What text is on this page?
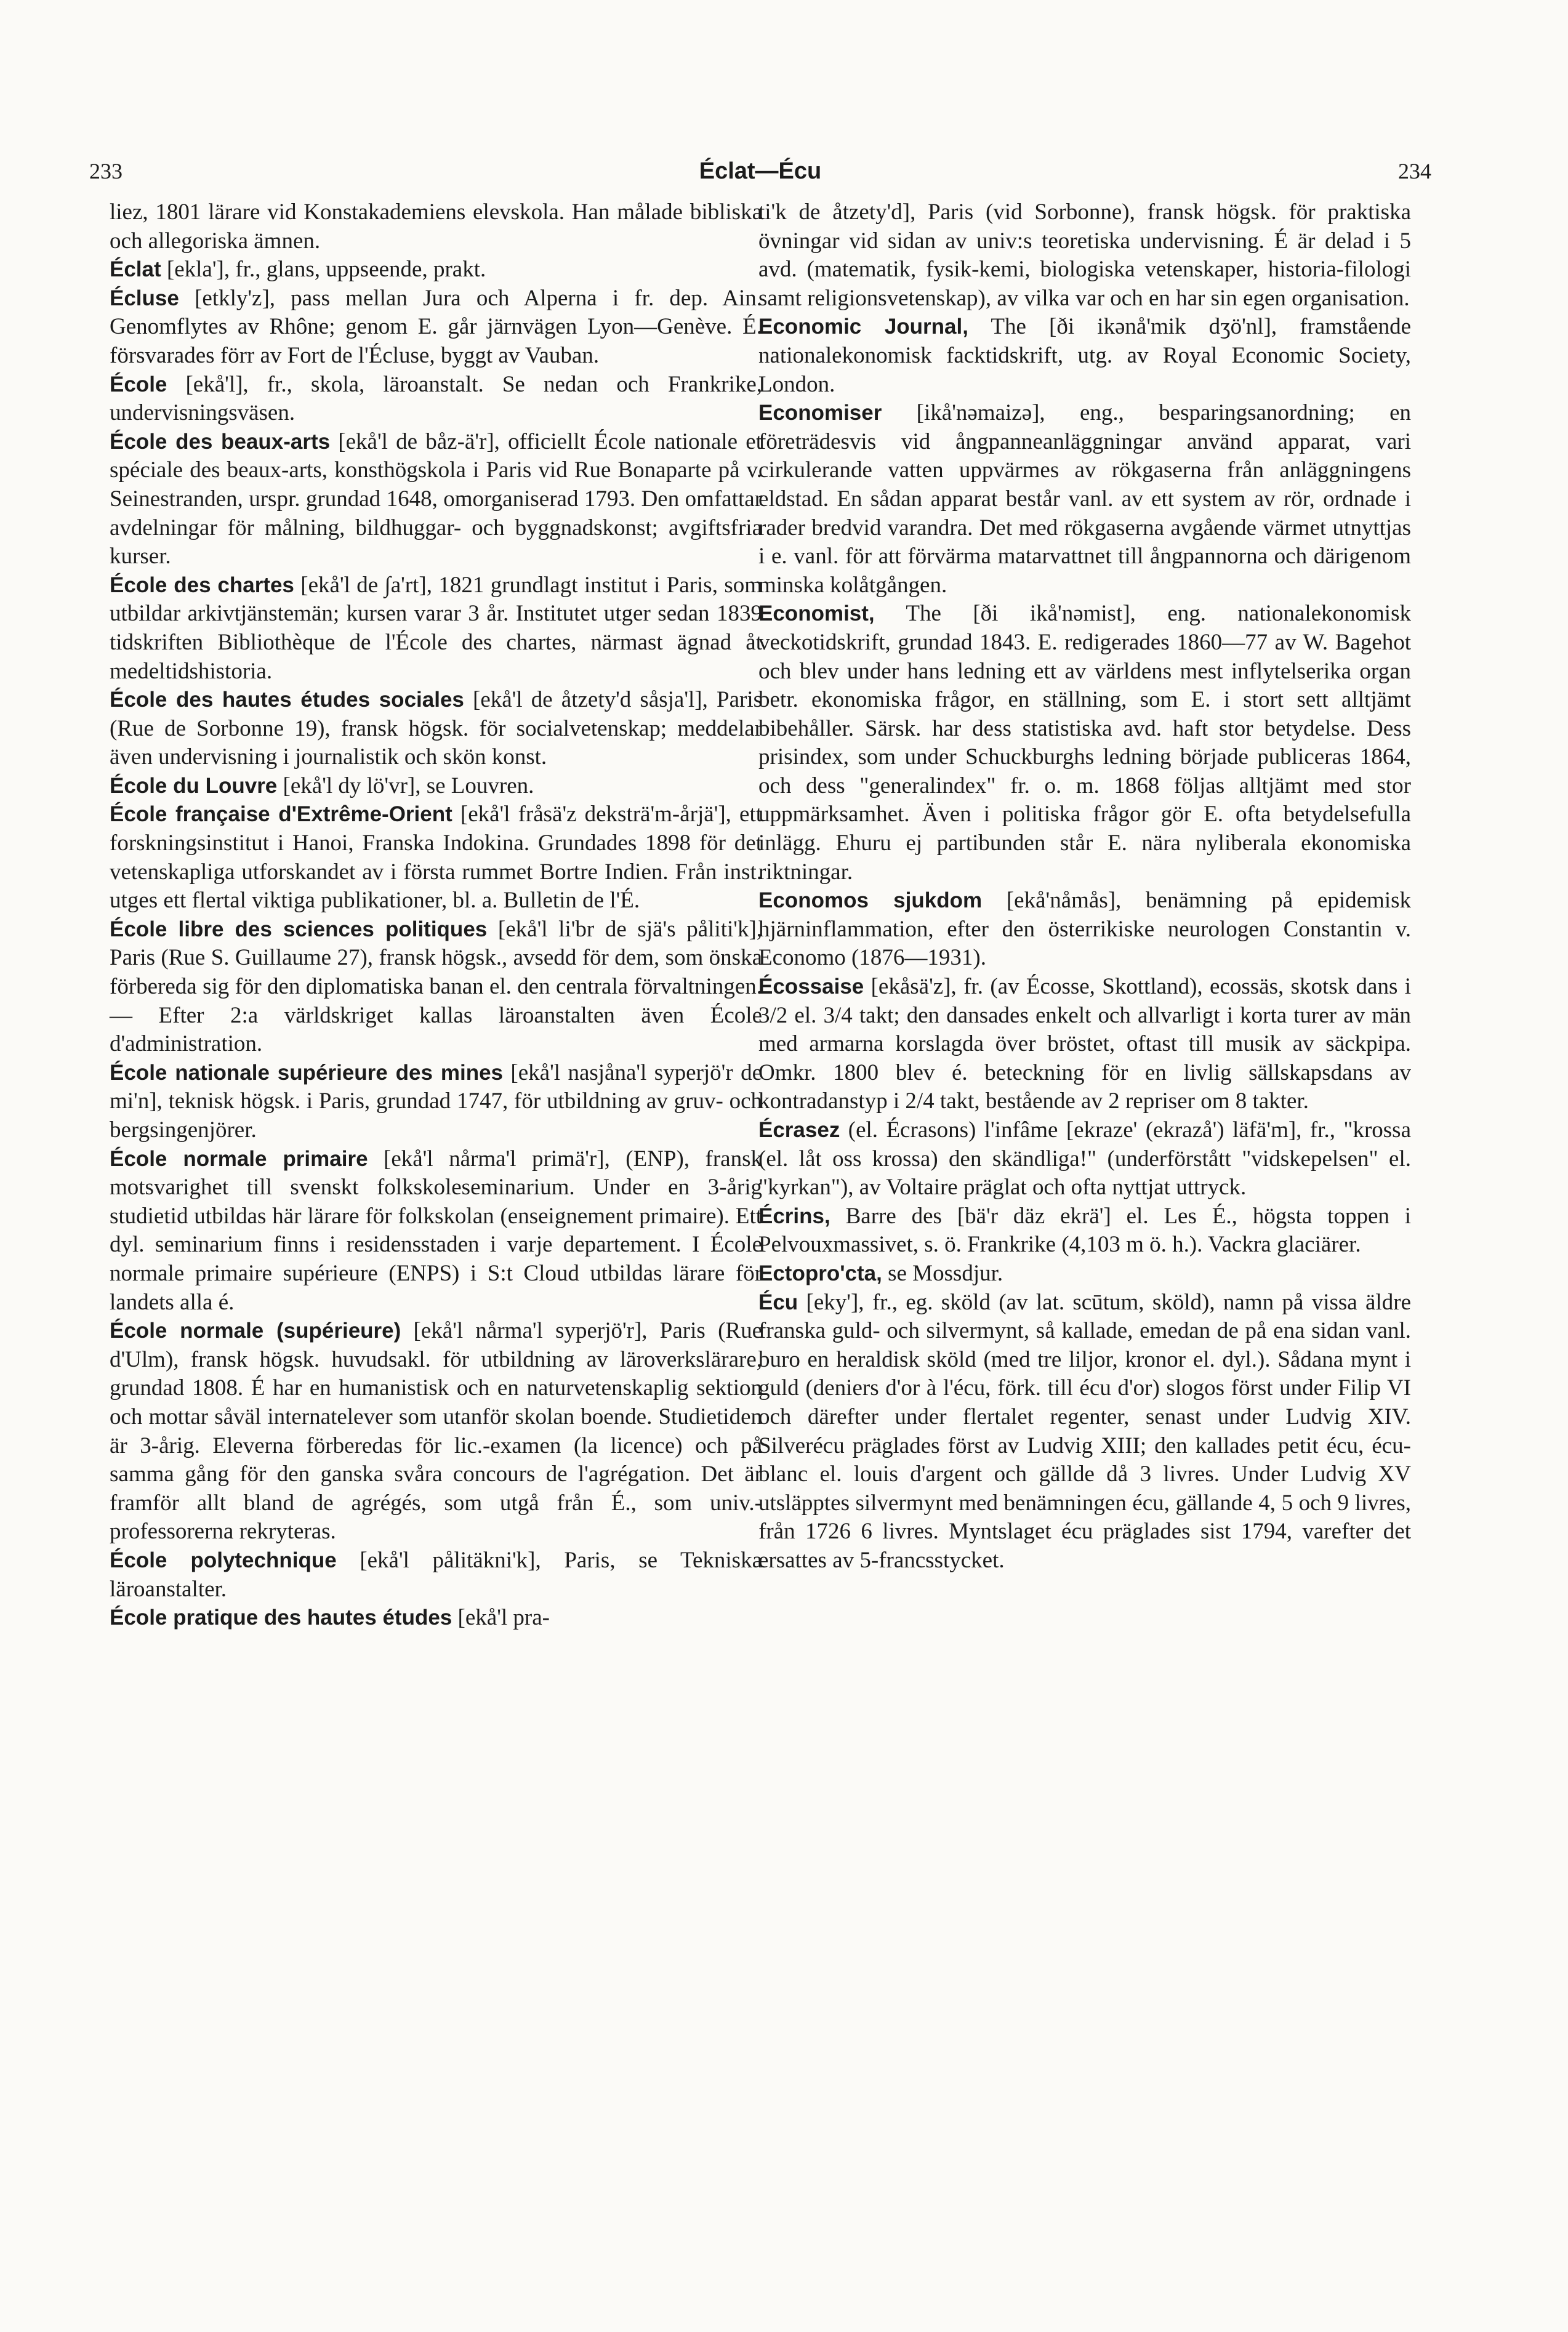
233	Éclat—Écu	234

liez, 1801 lärare vid Konstakademiens elevskola. Han målade bibliska och allegoriska ämnen.

Éclat [ekla'], fr., glans, uppseende, prakt.

Écluse [etkly'z], pass mellan Jura och Alperna i fr. dep. Ain. Genomflytes av Rhône; genom E. går järnvägen Lyon—Genève. É. försvarades förr av Fort de l'Écluse, byggt av Vauban.

École [ekå'l], fr., skola, läroanstalt. Se nedan och Frankrike, undervisningsväsen.

École des beaux-arts [ekå'l de båz-ä'r], officiellt École nationale et spéciale des beaux-arts, konsthögskola i Paris vid Rue Bonaparte på v. Seinestranden, urspr. grundad 1648, omorganiserad 1793. Den omfattar avdelningar för målning, bildhuggar- och byggnadskonst; avgiftsfria kurser.

École des chartes [ekå'l de ∫a'rt], 1821 grundlagt institut i Paris, som utbildar arkivtjänstemän; kursen varar 3 år. Institutet utger sedan 1839 tidskriften Bibliothèque de l'École des chartes, närmast ägnad åt medeltidshistoria.

École des hautes études sociales [ekå'l de åtzety'd såsja'l], Paris (Rue de Sorbonne 19), fransk högsk. för socialvetenskap; meddelar även undervisning i journalistik och skön konst.

École du Louvre [ekå'l dy lö'vr], se Louvren.

École française d'Extrême-Orient [ekå'l fråsä'z deksträ'm-årjä'], ett forskningsinstitut i Hanoi, Franska Indokina. Grundades 1898 för det vetenskapliga utforskandet av i första rummet Bortre Indien. Från inst. utges ett flertal viktiga publikationer, bl. a. Bulletin de l'É.

École libre des sciences politiques [ekå'l li'br de sjä's påliti'k], Paris (Rue S. Guillaume 27), fransk högsk., avsedd för dem, som önska förbereda sig för den diplomatiska banan el. den centrala förvaltningen. — Efter 2:a världskriget kallas läroanstalten även École d'administration.

École nationale supérieure des mines [ekå'l nasjåna'l syperjö'r de mi'n], teknisk högsk. i Paris, grundad 1747, för utbildning av gruv- och bergsingenjörer.

École normale primaire [ekå'l nårma'l primä'r], (ENP), fransk motsvarighet till svenskt folkskoleseminarium. Under en 3-årig studietid utbildas här lärare för folkskolan (enseignement primaire). Ett dyl. seminarium finns i residensstaden i varje departement. I École normale primaire supérieure (ENPS) i S:t Cloud utbildas lärare för landets alla é.

École normale (supérieure) [ekå'l nårma'l syperjö'r], Paris (Rue d'Ulm), fransk högsk. huvudsakl. för utbildning av läroverkslärare, grundad 1808. É har en humanistisk och en naturvetenskaplig sektion och mottar såväl internatelever som utanför skolan boende. Studietiden är 3-årig. Eleverna förberedas för lic.-examen (la licence) och på samma gång för den ganska svåra concours de l'agrégation. Det är framför allt bland de agrégés, som utgå från É., som univ.-professorerna rekryteras.

École polytechnique [ekå'l pålitäkni'k], Paris, se Tekniska läroanstalter.

École pratique des hautes études [ekå'l pra-

ti'k de åtzety'd], Paris (vid Sorbonne), fransk högsk. för praktiska övningar vid sidan av univ:s teoretiska undervisning. É är delad i 5 avd. (matematik, fysik-kemi, biologiska vetenskaper, historia-filologi samt religionsvetenskap), av vilka var och en har sin egen organisation.

Economic Journal, The [ði ikənå'mik dʒö'nl], framstående nationalekonomisk facktidskrift, utg. av Royal Economic Society, London.

Economiser [ikå'nəmaizə], eng., besparingsanordning; en företrädesvis vid ångpanneanläggningar använd apparat, vari cirkulerande vatten uppvärmes av rökgaserna från anläggningens eldstad. En sådan apparat består vanl. av ett system av rör, ordnade i rader bredvid varandra. Det med rökgaserna avgående värmet utnyttjas i e. vanl. för att förvärma matarvattnet till ångpannorna och därigenom minska kolåtgången.

Economist, The [ði ikå'nəmist], eng. nationalekonomisk veckotidskrift, grundad 1843. E. redigerades 1860—77 av W. Bagehot och blev under hans ledning ett av världens mest inflytelserika organ betr. ekonomiska frågor, en ställning, som E. i stort sett alltjämt bibehåller. Särsk. har dess statistiska avd. haft stor betydelse. Dess prisindex, som under Schuckburghs ledning började publiceras 1864, och dess "generalindex" fr. o. m. 1868 följas alltjämt med stor uppmärksamhet. Även i politiska frågor gör E. ofta betydelsefulla inlägg. Ehuru ej partibunden står E. nära nyliberala ekonomiska riktningar.

Economos sjukdom [ekå'nåmås], benämning på epidemisk hjärninflammation, efter den österrikiske neurologen Constantin v. Economo (1876—1931).

Écossaise [ekåsä'z], fr. (av Écosse, Skottland), ecossäs, skotsk dans i 3/2 el. 3/4 takt; den dansades enkelt och allvarligt i korta turer av män med armarna korslagda över bröstet, oftast till musik av säckpipa. Omkr. 1800 blev é. beteckning för en livlig sällskapsdans av kontradanstyp i 2/4 takt, bestående av 2 repriser om 8 takter.

Écrasez (el. Écrasons) l'infâme [ekraze' (ekrazå') läfä'm], fr., "krossa (el. låt oss krossa) den skändliga!" (underförstått "vidskepelsen" el. "kyrkan"), av Voltaire präglat och ofta nyttjat uttryck.

Écrins, Barre des [bä'r däz ekrä'] el. Les É., högsta toppen i Pelvouxmassivet, s. ö. Frankrike (4,103 m ö. h.). Vackra glaciärer.

Ectopro'cta, se Mossdjur.

Écu [eky'], fr., eg. sköld (av lat. scūtum, sköld), namn på vissa äldre franska guld- och silvermynt, så kallade, emedan de på ena sidan vanl. buro en heraldisk sköld (med tre liljor, kronor el. dyl.). Sådana mynt i guld (deniers d'or à l'écu, förk. till écu d'or) slogos först under Filip VI och därefter under flertalet regenter, senast under Ludvig XIV. Silverécu präglades först av Ludvig XIII; den kallades petit écu, écu-blanc el. louis d'argent och gällde då 3 livres. Under Ludvig XV utsläpptes silvermynt med benämningen écu, gällande 4, 5 och 9 livres, från 1726 6 livres. Myntslaget écu präglades sist 1794, varefter det ersattes av 5-francsstycket.
